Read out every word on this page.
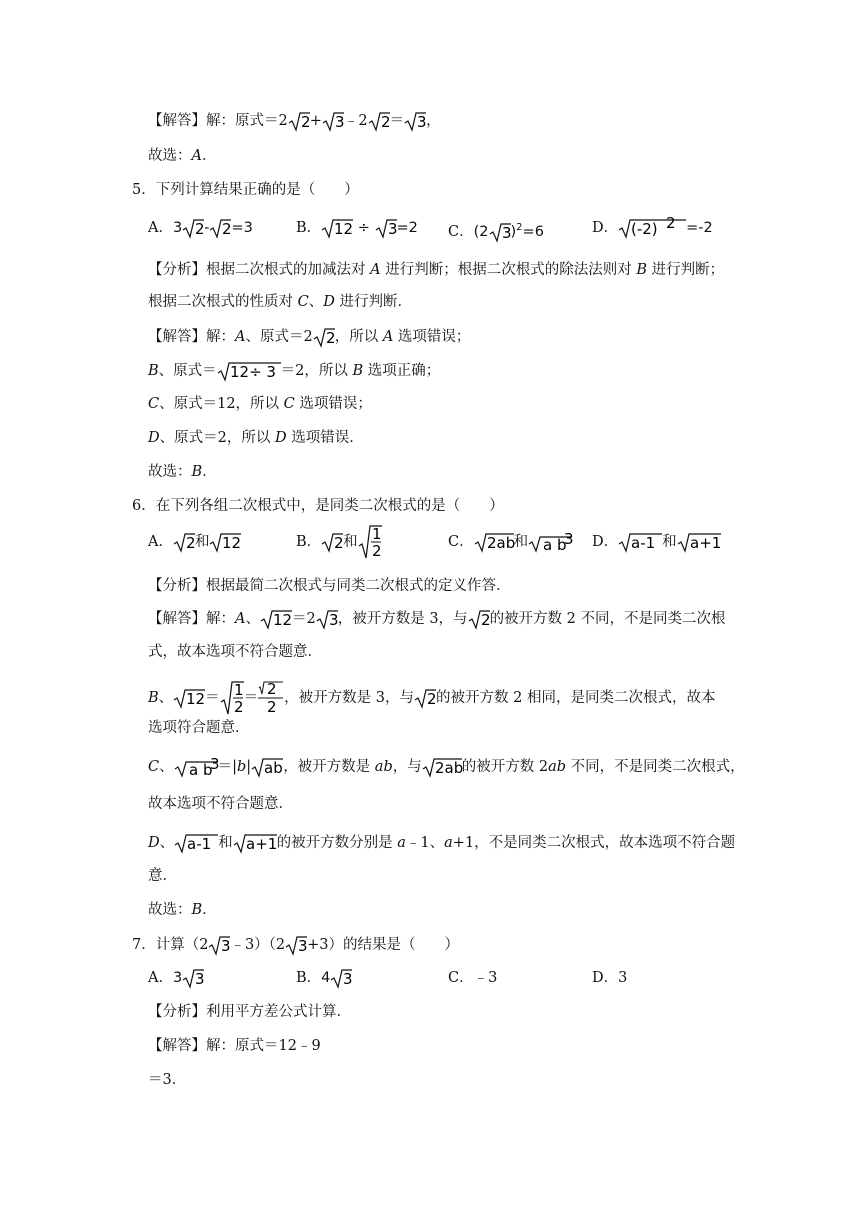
【解答】解：原式＝2 2 + 3 ﹣2 2 ＝ 3 ，
故选：A．
5．下列计算结果正确的是（　　）
A．3 2 - 2 =3	B． 12 ÷ 3 =2 C．(2 3 )$^2$=6	D． (-2) 2 =-2
【分析】根据二次根式的加减法对 A 进行判断；根据二次根式的除法法则对 B 进行判断；
根据二次根式的性质对 C、D 进行判断．
【解答】解：A、原式＝2 2 ，所以 A 选项错误；
B、原式＝ 12÷ 3 ＝2，所以 B 选项正确；
C、原式＝12，所以 C 选项错误；
D、原式＝2，所以 D 选项错误．
故选：B．
6．在下列各组二次根式中，是同类二次根式的是（　　）
A． 2 和 12	B． 2 和 1
2	C． 2ab
和 a b
3 D． a-1 和 a+1
【分析】根据最简二次根式与同类二次根式的定义作答．
【解答】解：A、 12 ＝2 3 ，被开方数是 3，与 2 的被开方数 2 不同，不是同类二次根
式，故本选项不符合题意．
B、 12 ＝ 1
2 ＝ 2
2 ，被开方数是 3，与 2 的被开方数 2 相同，是同类二次根式，故本
选项符合题意．
C、 a b
3
＝|b| ab ，被开方数是 ab，与 2ab
的被开方数 2ab 不同，不是同类二次根式，
故本选项不符合题意．
D、 a-1 和 a+1 的被开方数分别是 a﹣1、a+1，不是同类二次根式，故本选项不符合题
意．
故选：B．
7．计算（2 3 ﹣3）（2 3 +3）的结果是（　　）
A．3 3	B．4 3	C．﹣3	D．3
【分析】利用平方差公式计算．
【解答】解：原式＝12﹣9
＝3．
